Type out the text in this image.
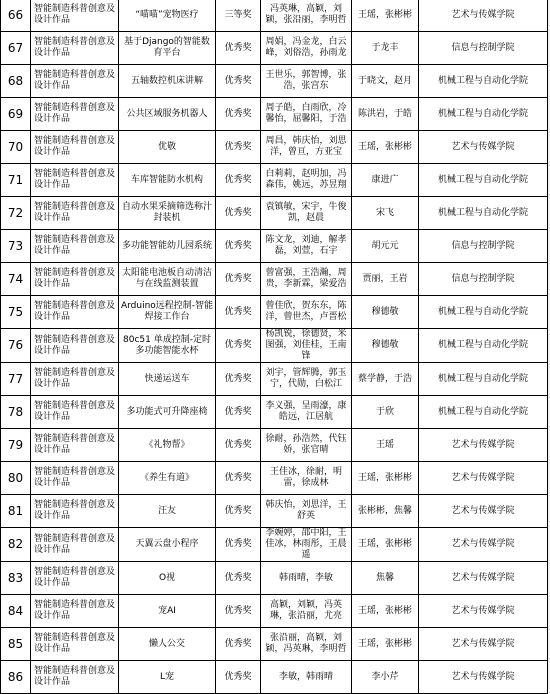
66	智能制造科普创意及设计作品	“喵喵”宠物医疗	三等奖	冯英琳，高颖，刘颖，张沿丽，李明哲	王瑶，张彬彬	艺术与传媒学院
67	智能制造科普创意及设计作品	基于Django的智能数育平台	优秀奖	周娟，冯金龙，白云峰，刘俗浩，孙雨龙	于龙丰	信息与控制学院
68	智能制造科普创意及设计作品	五轴数控机床讲解	优秀奖	王世乐，郭智博，张浩，张宫东	于晓文，赵月	机械工程与自动化学院
69	智能制造科普创意及设计作品	公共区域服务机器人	优秀奖	周子皓，白雨欣，冷馨怡，屈馨阳，于浩	陈洪岩，于皓	机械工程与自动化学院
70	智能制造科普创意及设计作品	优敬	优秀奖	周昌，韩庆怡，刘思洋，曾亘，方亚宝	王瑶，张彬彬	艺术与传媒学院
71	智能制造科普创意及设计作品	车库智能防水机构	优秀奖	白莉莉，赵明加，冯森伟，姚远，苏昱翔	康进广	机械工程与自动化学院
72	智能制造科普创意及设计作品	自动水果采摘筛选称汁封装机	优秀奖	袁镇敏，宋宇，牛俊凯，赵晨	宋飞	机械工程与自动化学院
73	智能制造科普创意及设计作品	多功能智能幼儿园系统	优秀奖	陈文龙，刘迪，解孝磊，刘萱，石宇	胡元元	信息与控制学院
74	智能制造科普创意及设计作品	太阳能电池板自动清洁与在线监测装置	优秀奖	曾富强，王浩瀚，周贵，李新霖，梁爱浩	贾丽，王岩	信息与控制学院
75	智能制造科普创意及设计作品	Arduino远程控制-智能焊接工作台	优秀奖	曾佳欣，贺东东，陈洋，曾世杰，卢晋松	穆德敬	机械工程与自动化学院
76	智能制造科普创意及设计作品	80c51 单成控制-定时多功能智能水杯	优秀奖	杨凯锐，徐德贤，米图强，刘佳桂，王南锋	穆德敬	机械工程与自动化学院
77	智能制造科普创意及设计作品	快递运送车	优秀奖	刘宇，管辉腾，郭玉宁，代勋，白松江	蔡学静，于浩	机械工程与自动化学院
78	智能制造科普创意及设计作品	多功能式可升降座椅	优秀奖	李义强，呈雨濠，康皓远，江居航	于欣	机械工程与自动化学院
79	智能制造科普创意及设计作品	《礼物帮》	优秀奖	徐耐，孙浩然，代钰娇，张官晴	王瑶	艺术与传媒学院
80	智能制造科普创意及设计作品	《养生有道》	优秀奖	王佳冰，徐耐，明雷，徐成林	王瑶，张彬彬	艺术与传媒学院
81	智能制造科普创意及设计作品	汪友	优秀奖	韩庆怡，刘思洋，王舒英	张彬彬，焦馨	艺术与传媒学院
82	智能制造科普创意及设计作品	天翼云盘小程序	优秀奖	李婉婷，邵中阳，王佳冰，林雨彤，王晨遥	王瑶，张彬彬	艺术与传媒学院
83	智能制造科普创意及设计作品	O视	优秀奖	韩雨晴，李敏	焦馨	艺术与传媒学院
84	智能制造科普创意及设计作品	宠AI	优秀奖	高颖，刘颖，冯英琳，张沿丽，尤亮	王瑶，张彬彬	艺术与传媒学院
85	智能制造科普创意及设计作品	懒人公交	优秀奖	张沿丽，高颖，刘颖，冯英琳，李明哲	王瑶，张彬彬	艺术与传媒学院
86	智能制造科普创意及设计作品	L宠	优秀奖	李敏，韩雨晴	李小芹	艺术与传媒学院
